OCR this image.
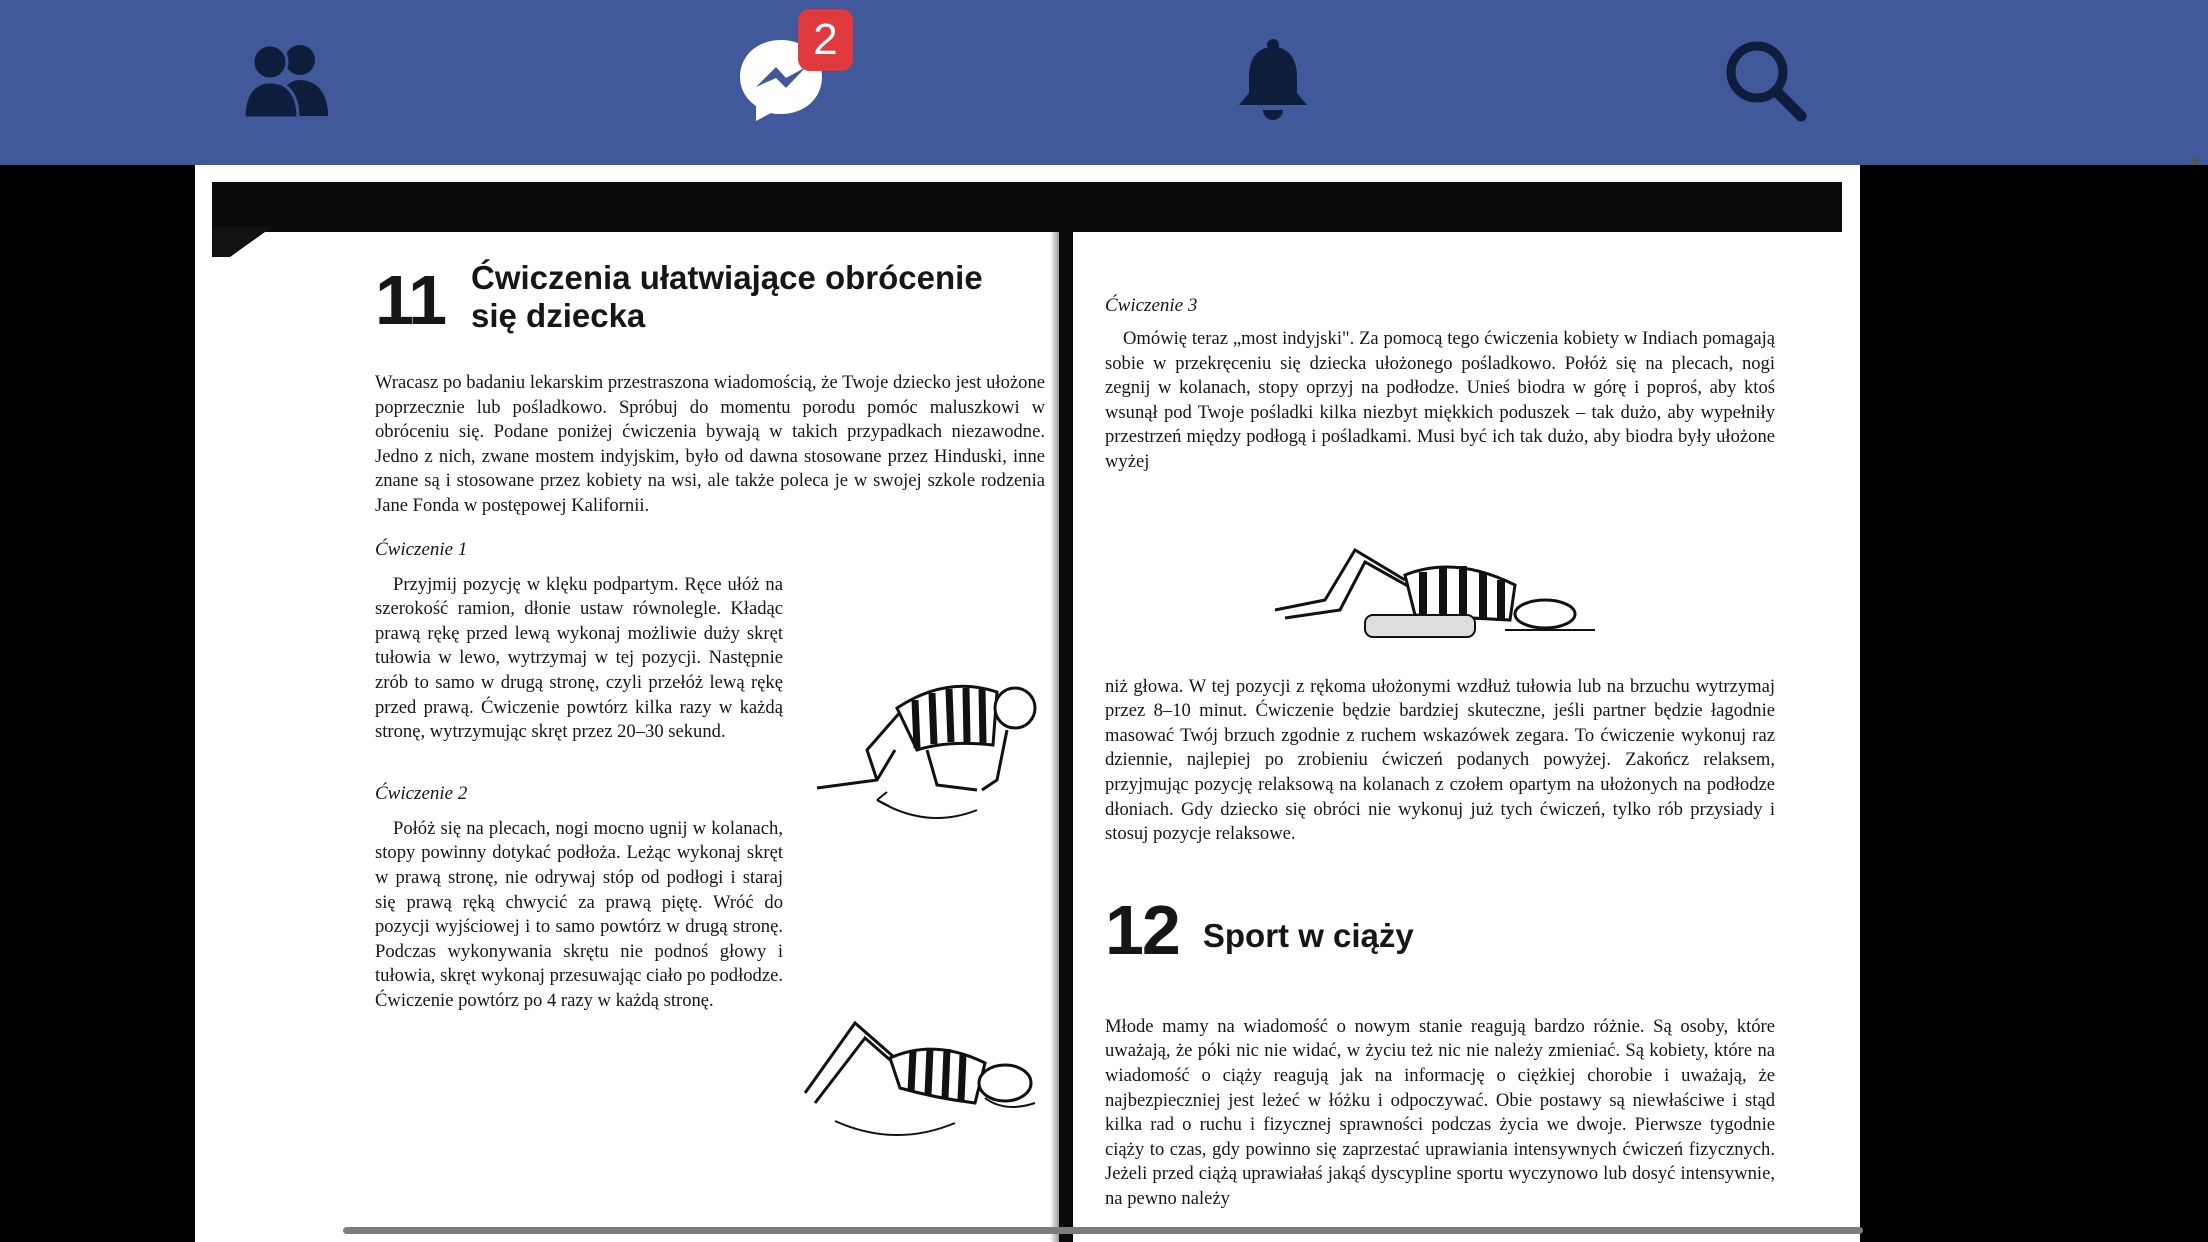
2
11 Ćwiczenia ułatwiające obrócenie
się dziecka

Wracasz po badaniu lekarskim przestraszona wiadomością, że Twoje dziecko jest ułożone poprzecznie lub pośladkowo. Spróbuj do momentu porodu pomóc maluszkowi w obróceniu się. Podane poniżej ćwiczenia bywają w takich przypadkach niezawodne. Jedno z nich, zwane mostem indyjskim, było od dawna stosowane przez Hinduski, inne znane są i stosowane przez kobiety na wsi, ale także poleca je w swojej szkole rodzenia Jane Fonda w postępowej Kalifornii.

Ćwiczenie 1

Przyjmij pozycję w klęku podpartym. Ręce ułóż na szerokość ramion, dłonie ustaw równolegle. Kładąc prawą rękę przed lewą wykonaj możliwie duży skręt tułowia w lewo, wytrzymaj w tej pozycji. Następnie zrób to samo w drugą stronę, czyli przełóż lewą rękę przed prawą. Ćwiczenie powtórz kilka razy w każdą stronę, wytrzymując skręt przez 20–30 sekund.

Ćwiczenie 2

Połóż się na plecach, nogi mocno ugnij w kolanach, stopy powinny dotykać podłoża. Leżąc wykonaj skręt w prawą stronę, nie odrywaj stóp od podłogi i staraj się prawą ręką chwycić za prawą piętę. Wróć do pozycji wyjściowej i to samo powtórz w drugą stronę. Podczas wykonywania skrętu nie podnoś głowy i tułowia, skręt wykonaj przesuwając ciało po podłodze. Ćwiczenie powtórz po 4 razy w każdą stronę.

Ćwiczenie 3

Omówię teraz „most indyjski". Za pomocą tego ćwiczenia kobiety w Indiach pomagają sobie w przekręceniu się dziecka ułożonego pośladkowo. Połóż się na plecach, nogi zegnij w kolanach, stopy oprzyj na podłodze. Unieś biodra w górę i poproś, aby ktoś wsunął pod Twoje pośladki kilka niezbyt miękkich poduszek – tak dużo, aby wypełniły przestrzeń między podłogą i pośladkami. Musi być ich tak dużo, aby biodra były ułożone wyżej

niż głowa. W tej pozycji z rękoma ułożonymi wzdłuż tułowia lub na brzuchu wytrzymaj przez 8–10 minut. Ćwiczenie będzie bardziej skuteczne, jeśli partner będzie łagodnie masować Twój brzuch zgodnie z ruchem wskazówek zegara. To ćwiczenie wykonuj raz dziennie, najlepiej po zrobieniu ćwiczeń podanych powyżej. Zakończ relaksem, przyjmując pozycję relaksową na kolanach z czołem opartym na ułożonych na podłodze dłoniach. Gdy dziecko się obróci nie wykonuj już tych ćwiczeń, tylko rób przysiady i stosuj pozycje relaksowe.

12 Sport w ciąży

Młode mamy na wiadomość o nowym stanie reagują bardzo różnie. Są osoby, które uważają, że póki nic nie widać, w życiu też nic nie należy zmieniać. Są kobiety, które na wiadomość o ciąży reagują jak na informację o ciężkiej chorobie i uważają, że najbezpieczniej jest leżeć w łóżku i odpoczywać. Obie postawy są niewłaściwe i stąd kilka rad o ruchu i fizycznej sprawności podczas życia we dwoje. Pierwsze tygodnie ciąży to czas, gdy powinno się zaprzestać uprawiania intensywnych ćwiczeń fizycznych. Jeżeli przed ciążą uprawiałaś jakąś dyscypline sportu wyczynowo lub dosyć intensywnie, na pewno należy
